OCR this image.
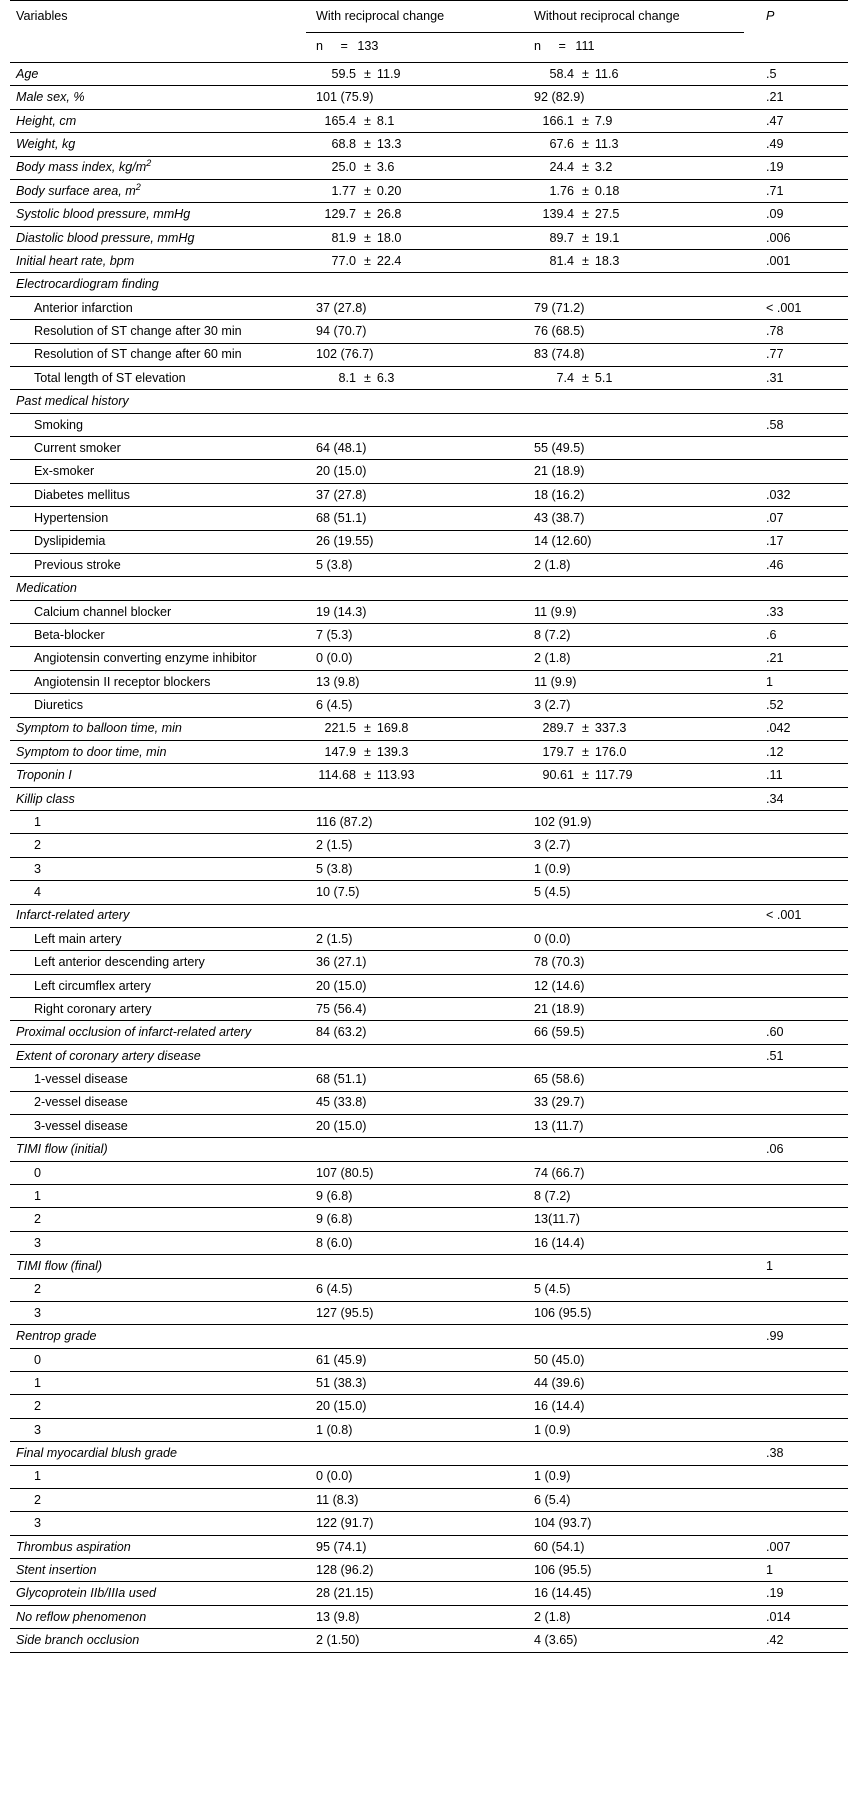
Variables	With reciprocal change	Without reciprocal change	P
	n = 133	n = 111	
Age	59.5 ± 11.9	58.4 ± 11.6	.5
Male sex, %	101 (75.9)	92 (82.9)	.21
Height, cm	165.4 ± 8.1	166.1 ± 7.9	.47
Weight, kg	68.8 ± 13.3	67.6 ± 11.3	.49
Body mass index, $kg/m^2$	25.0 ± 3.6	24.4 ± 3.2	.19
Body surface area, $m^2$	1.77 ± 0.20	1.76 ± 0.18	.71
Systolic blood pressure, mmHg	129.7 ± 26.8	139.4 ± 27.5	.09
Diastolic blood pressure, mmHg	81.9 ± 18.0	89.7 ± 19.1	.006
Initial heart rate, bpm	77.0 ± 22.4	81.4 ± 18.3	.001
Electrocardiogram finding			
Anterior infarction	37 (27.8)	79 (71.2)	< .001
Resolution of ST change after 30 min	94 (70.7)	76 (68.5)	.78
Resolution of ST change after 60 min	102 (76.7)	83 (74.8)	.77
Total length of ST elevation	8.1 ± 6.3	7.4 ± 5.1	.31
Past medical history			
Smoking			.58
Current smoker	64 (48.1)	55 (49.5)	
Ex-smoker	20 (15.0)	21 (18.9)	
Diabetes mellitus	37 (27.8)	18 (16.2)	.032
Hypertension	68 (51.1)	43 (38.7)	.07
Dyslipidemia	26 (19.55)	14 (12.60)	.17
Previous stroke	5 (3.8)	2 (1.8)	.46
Medication			
Calcium channel blocker	19 (14.3)	11 (9.9)	.33
Beta-blocker	7 (5.3)	8 (7.2)	.6
Angiotensin converting enzyme inhibitor	0 (0.0)	2 (1.8)	.21
Angiotensin II receptor blockers	13 (9.8)	11 (9.9)	1
Diuretics	6 (4.5)	3 (2.7)	.52
Symptom to balloon time, min	221.5 ± 169.8	289.7 ± 337.3	.042
Symptom to door time, min	147.9 ± 139.3	179.7 ± 176.0	.12
Troponin I	114.68 ± 113.93	90.61 ± 117.79	.11
Killip class			.34
1	116 (87.2)	102 (91.9)	
2	2 (1.5)	3 (2.7)	
3	5 (3.8)	1 (0.9)	
4	10 (7.5)	5 (4.5)	
Infarct-related artery			< .001
Left main artery	2 (1.5)	0 (0.0)	
Left anterior descending artery	36 (27.1)	78 (70.3)	
Left circumflex artery	20 (15.0)	12 (14.6)	
Right coronary artery	75 (56.4)	21 (18.9)	
Proximal occlusion of infarct-related artery	84 (63.2)	66 (59.5)	.60
Extent of coronary artery disease			.51
1-vessel disease	68 (51.1)	65 (58.6)	
2-vessel disease	45 (33.8)	33 (29.7)	
3-vessel disease	20 (15.0)	13 (11.7)	
TIMI flow (initial)			.06
0	107 (80.5)	74 (66.7)	
1	9 (6.8)	8 (7.2)	
2	9 (6.8)	13(11.7)	
3	8 (6.0)	16 (14.4)	
TIMI flow (final)			1
2	6 (4.5)	5 (4.5)	
3	127 (95.5)	106 (95.5)	
Rentrop grade			.99
0	61 (45.9)	50 (45.0)	
1	51 (38.3)	44 (39.6)	
2	20 (15.0)	16 (14.4)	
3	1 (0.8)	1 (0.9)	
Final myocardial blush grade			.38
1	0 (0.0)	1 (0.9)	
2	11 (8.3)	6 (5.4)	
3	122 (91.7)	104 (93.7)	
Thrombus aspiration	95 (74.1)	60 (54.1)	.007
Stent insertion	128 (96.2)	106 (95.5)	1
Glycoprotein IIb/IIIa used	28 (21.15)	16 (14.45)	.19
No reflow phenomenon	13 (9.8)	2 (1.8)	.014
Side branch occlusion	2 (1.50)	4 (3.65)	.42
